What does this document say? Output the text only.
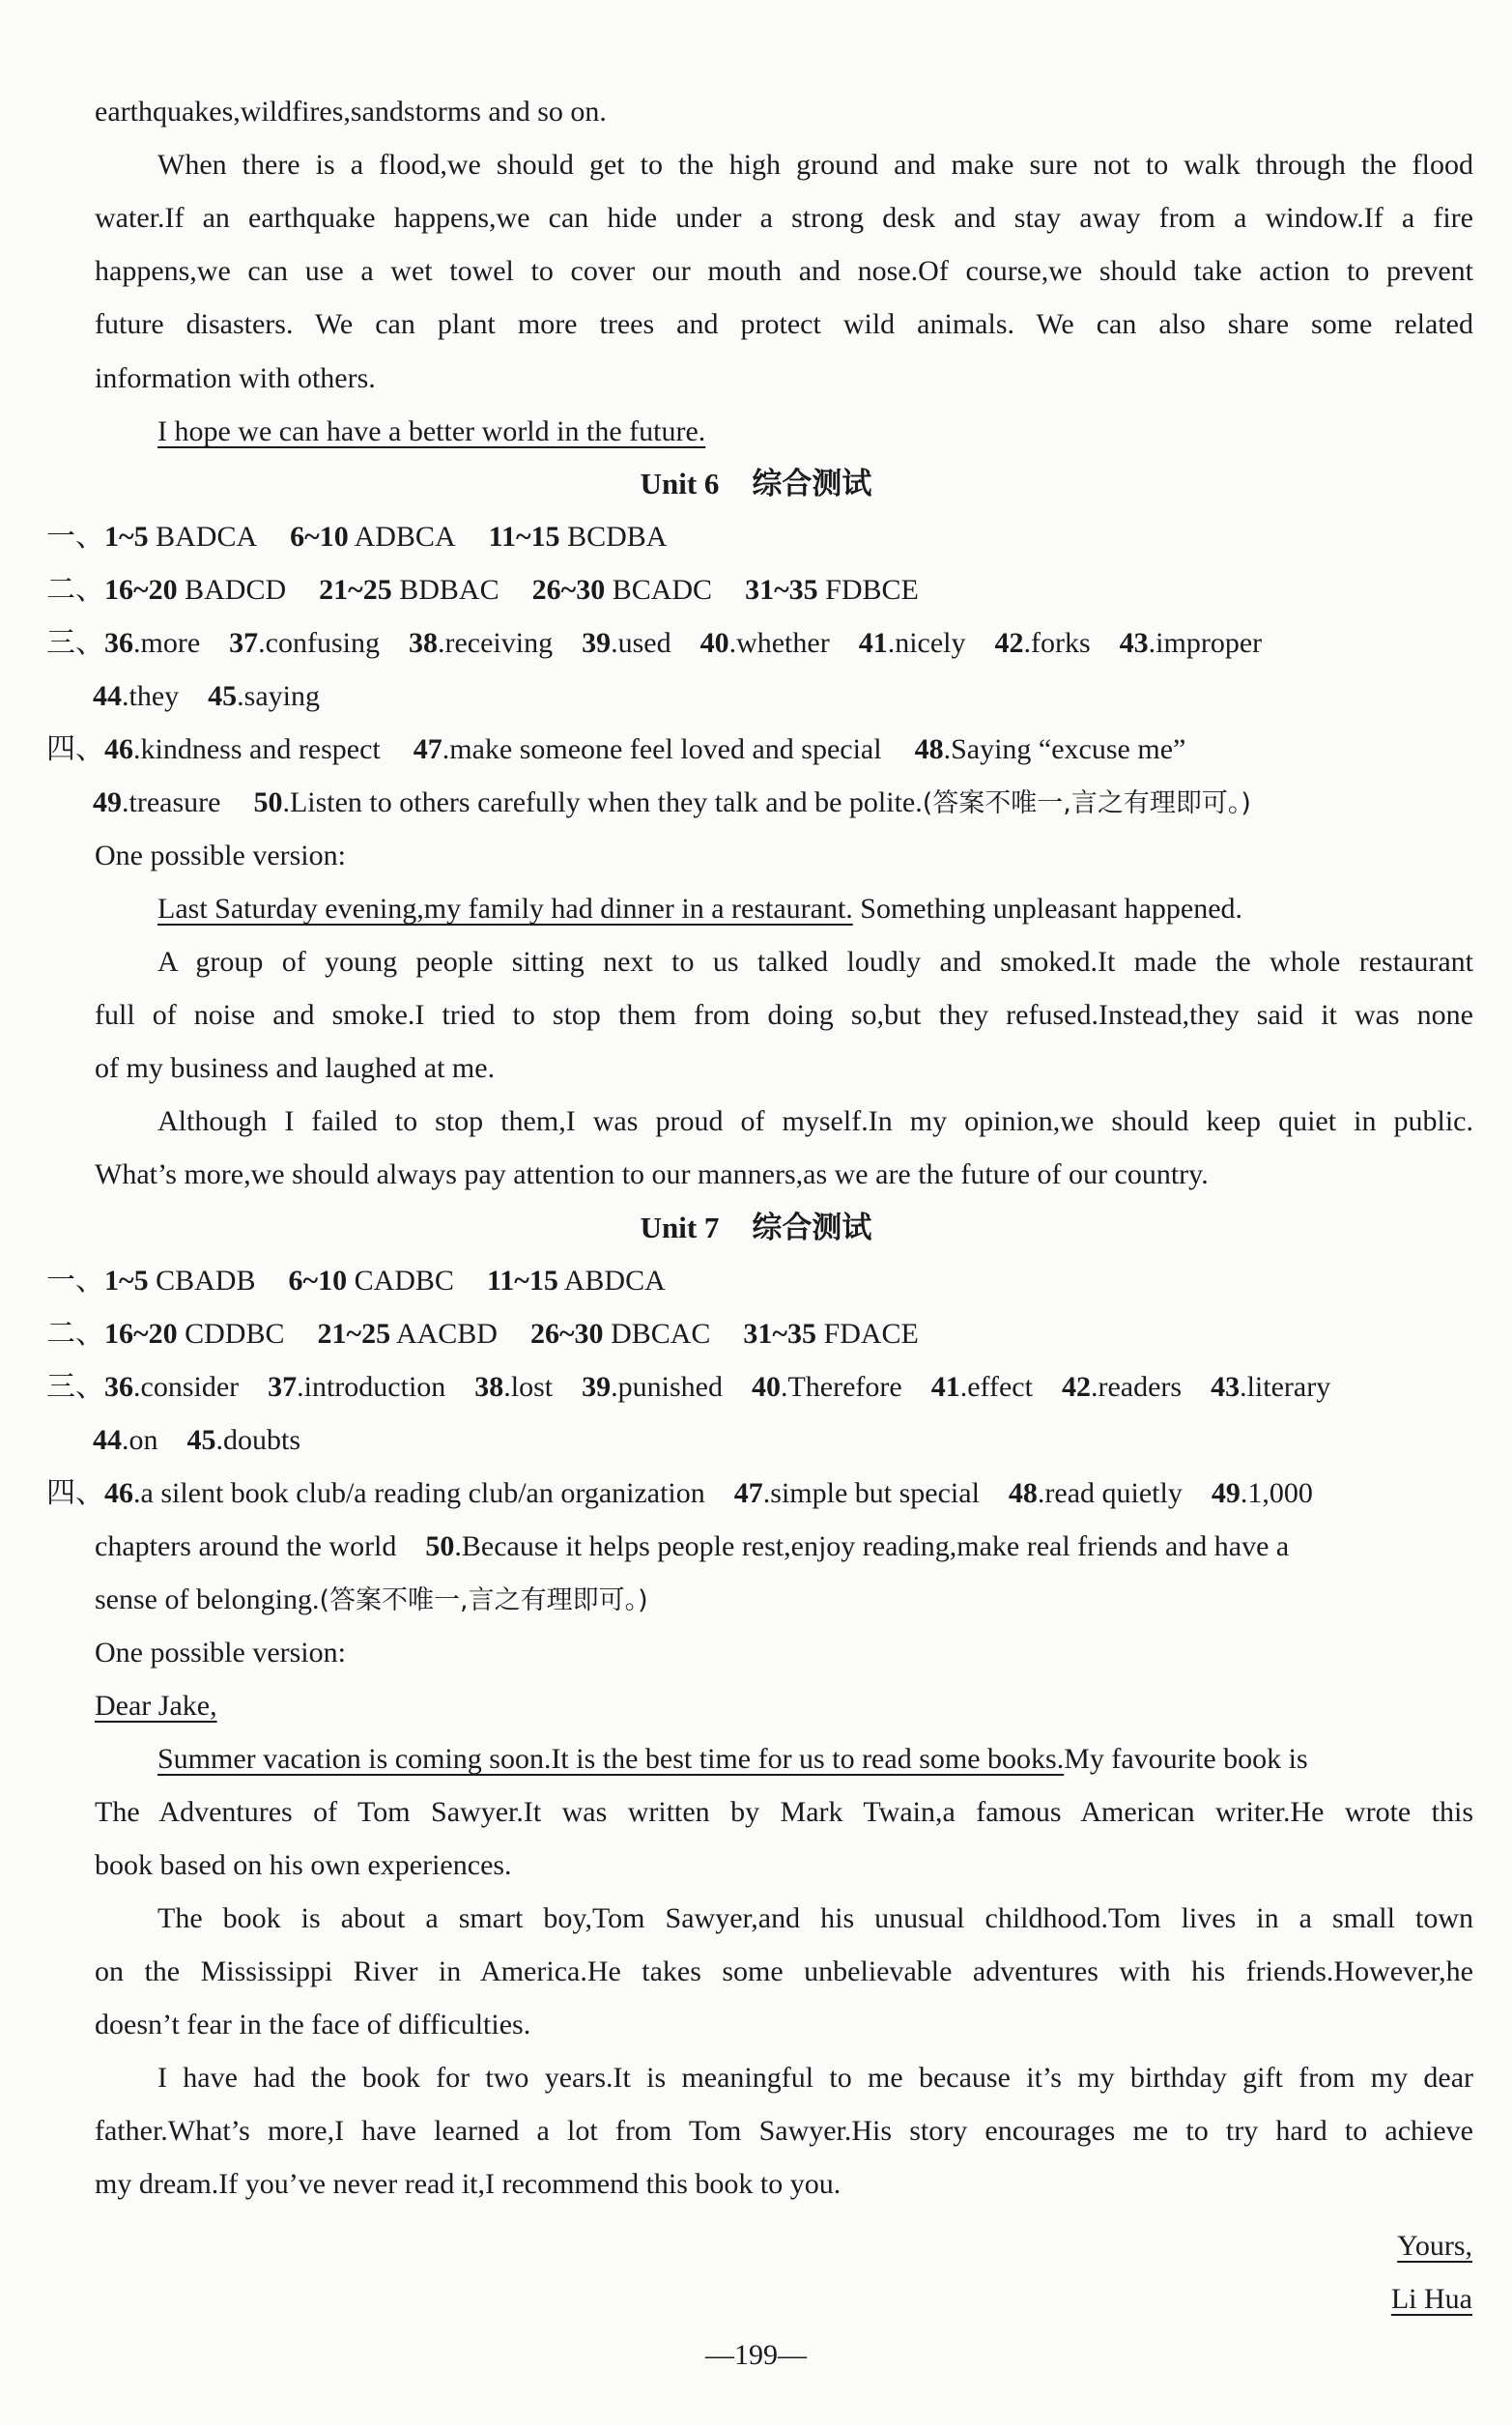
earthquakes,wildfires,sandstorms and so on.
When there is a flood,we should get to the high ground and make sure not to walk through the flood
water.If an earthquake happens,we can hide under a strong desk and stay away from a window.If a fire
happens,we can use a wet towel to cover our mouth and nose.Of course,we should take action to prevent
future disasters. We can plant more trees and protect wild animals. We can also share some related
information with others.
I hope we can have a better world in the future.
Unit 6 综合测试
一、1~5 BADCA 6~10 ADBCA 11~15 BCDBA
二、16~20 BADCD 21~25 BDBAC 26~30 BCADC 31~35 FDBCE
三、36.more 37.confusing 38.receiving 39.used 40.whether 41.nicely 42.forks 43.improper
44.they 45.saying
四、46.kindness and respect 47.make someone feel loved and special 48.Saying “excuse me”
49.treasure 50.Listen to others carefully when they talk and be polite.(答案不唯一,言之有理即可。)
One possible version:
Last Saturday evening,my family had dinner in a restaurant. Something unpleasant happened.
A group of young people sitting next to us talked loudly and smoked.It made the whole restaurant
full of noise and smoke.I tried to stop them from doing so,but they refused.Instead,they said it was none
of my business and laughed at me.
Although I failed to stop them,I was proud of myself.In my opinion,we should keep quiet in public.
What’s more,we should always pay attention to our manners,as we are the future of our country.
Unit 7 综合测试
一、1~5 CBADB 6~10 CADBC 11~15 ABDCA
二、16~20 CDDBC 21~25 AACBD 26~30 DBCAC 31~35 FDACE
三、36.consider 37.introduction 38.lost 39.punished 40.Therefore 41.effect 42.readers 43.literary
44.on 45.doubts
四、46.a silent book club/a reading club/an organization 47.simple but special 48.read quietly 49.1,000
chapters around the world 50.Because it helps people rest,enjoy reading,make real friends and have a
sense of belonging.(答案不唯一,言之有理即可。)
One possible version:
Dear Jake,
Summer vacation is coming soon.It is the best time for us to read some books.My favourite book is
The Adventures of Tom Sawyer.It was written by Mark Twain,a famous American writer.He wrote this
book based on his own experiences.
The book is about a smart boy,Tom Sawyer,and his unusual childhood.Tom lives in a small town
on the Mississippi River in America.He takes some unbelievable adventures with his friends.However,he
doesn’t fear in the face of difficulties.
I have had the book for two years.It is meaningful to me because it’s my birthday gift from my dear
father.What’s more,I have learned a lot from Tom Sawyer.His story encourages me to try hard to achieve
my dream.If you’ve never read it,I recommend this book to you.
Yours,
Li Hua
—199—
